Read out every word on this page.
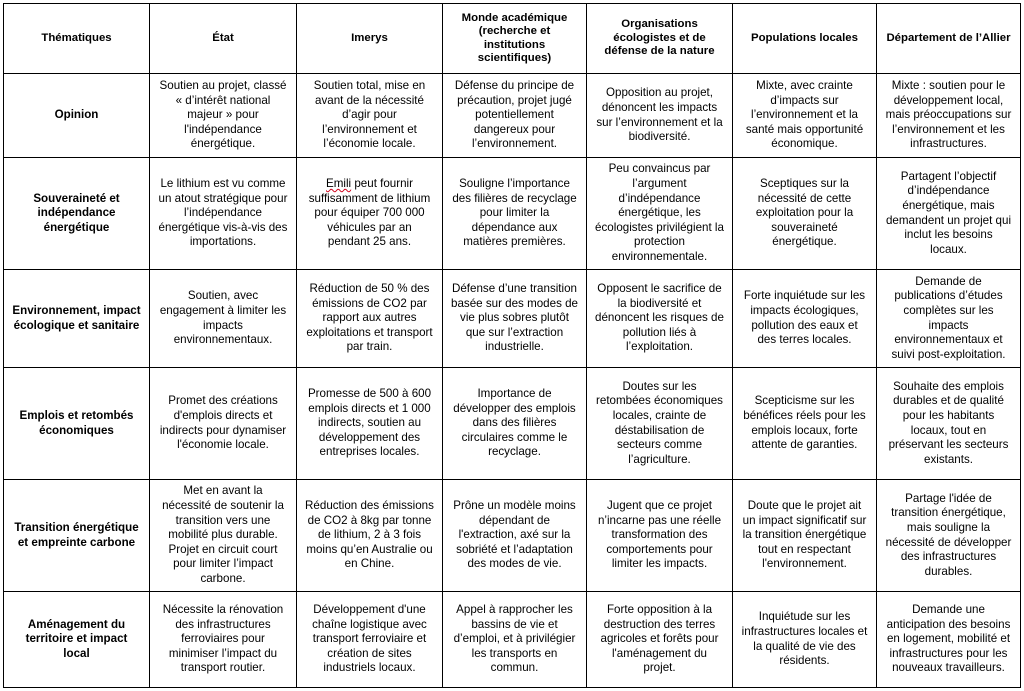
Thématiques	État	Imerys	Monde académique (recherche et institutions scientifiques)	Organisations écologistes et de défense de la nature	Populations locales	Département de l’Allier
Opinion	Soutien au projet, classé « d’intérêt national majeur » pour l'indépendance énergétique.	Soutien total, mise en avant de la nécessité d’agir pour l’environnement et l’économie locale.	Défense du principe de précaution, projet jugé potentiellement dangereux pour l’environnement.	Opposition au projet, dénoncent les impacts sur l’environnement et la biodiversité.	Mixte, avec crainte d’impacts sur l’environnement et la santé mais opportunité économique.	Mixte : soutien pour le développement local, mais préoccupations sur l’environnement et les infrastructures.
Souveraineté et indépendance énergétique	Le lithium est vu comme un atout stratégique pour l’indépendance énergétique vis-à-vis des importations.	Emili peut fournir suffisamment de lithium pour équiper 700 000 véhicules par an pendant 25 ans.	Souligne l’importance des filières de recyclage pour limiter la dépendance aux matières premières.	Peu convaincus par l’argument d’indépendance énergétique, les écologistes privilégient la protection environnementale.	Sceptiques sur la nécessité de cette exploitation pour la souveraineté énergétique.	Partagent l’objectif d’indépendance énergétique, mais demandent un projet qui inclut les besoins locaux.
Environnement, impact écologique et sanitaire	Soutien, avec engagement à limiter les impacts environnementaux.	Réduction de 50 % des émissions de CO2 par rapport aux autres exploitations et transport par train.	Défense d’une transition basée sur des modes de vie plus sobres plutôt que sur l’extraction industrielle.	Opposent le sacrifice de la biodiversité et dénoncent les risques de pollution liés à l’exploitation.	Forte inquiétude sur les impacts écologiques, pollution des eaux et des terres locales.	Demande de publications d’études complètes sur les impacts environnementaux et suivi post-exploitation.
Emplois et retombés économiques	Promet des créations d'emplois directs et indirects pour dynamiser l'économie locale.	Promesse de 500 à 600 emplois directs et 1 000 indirects, soutien au développement des entreprises locales.	Importance de développer des emplois dans des filières circulaires comme le recyclage.	Doutes sur les retombées économiques locales, crainte de déstabilisation de secteurs comme l’agriculture.	Scepticisme sur les bénéfices réels pour les emplois locaux, forte attente de garanties.	Souhaite des emplois durables et de qualité pour les habitants locaux, tout en préservant les secteurs existants.
Transition énergétique et empreinte carbone	Met en avant la nécessité de soutenir la transition vers une mobilité plus durable. Projet en circuit court pour limiter l’impact carbone.	Réduction des émissions de CO2 à 8kg par tonne de lithium, 2 à 3 fois moins qu’en Australie ou en Chine.	Prône un modèle moins dépendant de l'extraction, axé sur la sobriété et l’adaptation des modes de vie.	Jugent que ce projet n’incarne pas une réelle transformation des comportements pour limiter les impacts.	Doute que le projet ait un impact significatif sur la transition énergétique tout en respectant l'environnement.	Partage l'idée de transition énergétique, mais souligne la nécessité de développer des infrastructures durables.
Aménagement du territoire et impact local	Nécessite la rénovation des infrastructures ferroviaires pour minimiser l’impact du transport routier.	Développement d'une chaîne logistique avec transport ferroviaire et création de sites industriels locaux.	Appel à rapprocher les bassins de vie et d’emploi, et à privilégier les transports en commun.	Forte opposition à la destruction des terres agricoles et forêts pour l'aménagement du projet.	Inquiétude sur les infrastructures locales et la qualité de vie des résidents.	Demande une anticipation des besoins en logement, mobilité et infrastructures pour les nouveaux travailleurs.
